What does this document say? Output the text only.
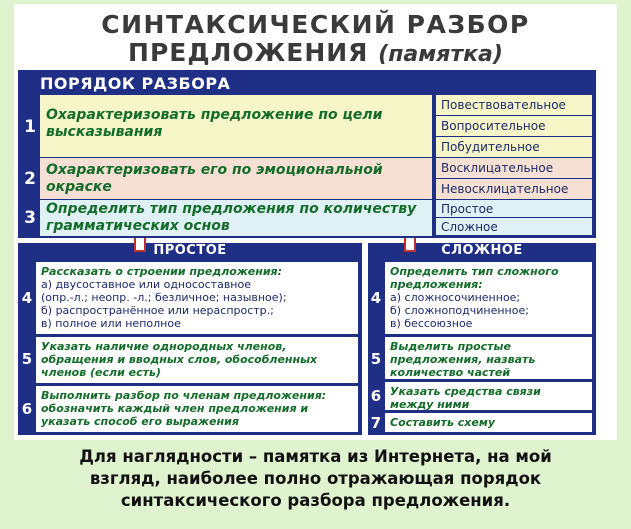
СИНТАКСИЧЕСКИЙ РАЗБОР
ПРЕДЛОЖЕНИЯ (памятка)
ПОРЯДОК РАЗБОРА
1
Охарактеризовать предложение по цели высказывания
Повествовательное
Вопросительное
Побудительное
2 Охарактеризовать его по эмоциональной окраске
Восклицательное
Невосклицательное
3 Определить тип предложения по количеству грамматических основ
Простое
Сложное
ПРОСТОЕ	СЛОЖНОЕ
4
Рассказать о строении предложения:
а) двусоставное или односоставное
(опр.-л.; неопр. -л.; безличное; назывное);
б) распространённое или нераспростр.;
в) полное или неполное
5
Указать наличие однородных членов, обращения и вводных слов, обособленных членов (если есть)
6
Выполнить разбор по членам предложения: обозначить каждый член предложения и указать способ его выражения
4
Определить тип сложного предложения:
а) сложносочиненное;
б) сложноподчиненное;
в) бессоюзное
5
Выделить простые предложения, назвать количество частей
6 Указать средства связи между ними
7 Составить схему
Для наглядности – памятка из Интернета, на мой
взгляд, наиболее полно отражающая порядок
синтаксического разбора предложения.
